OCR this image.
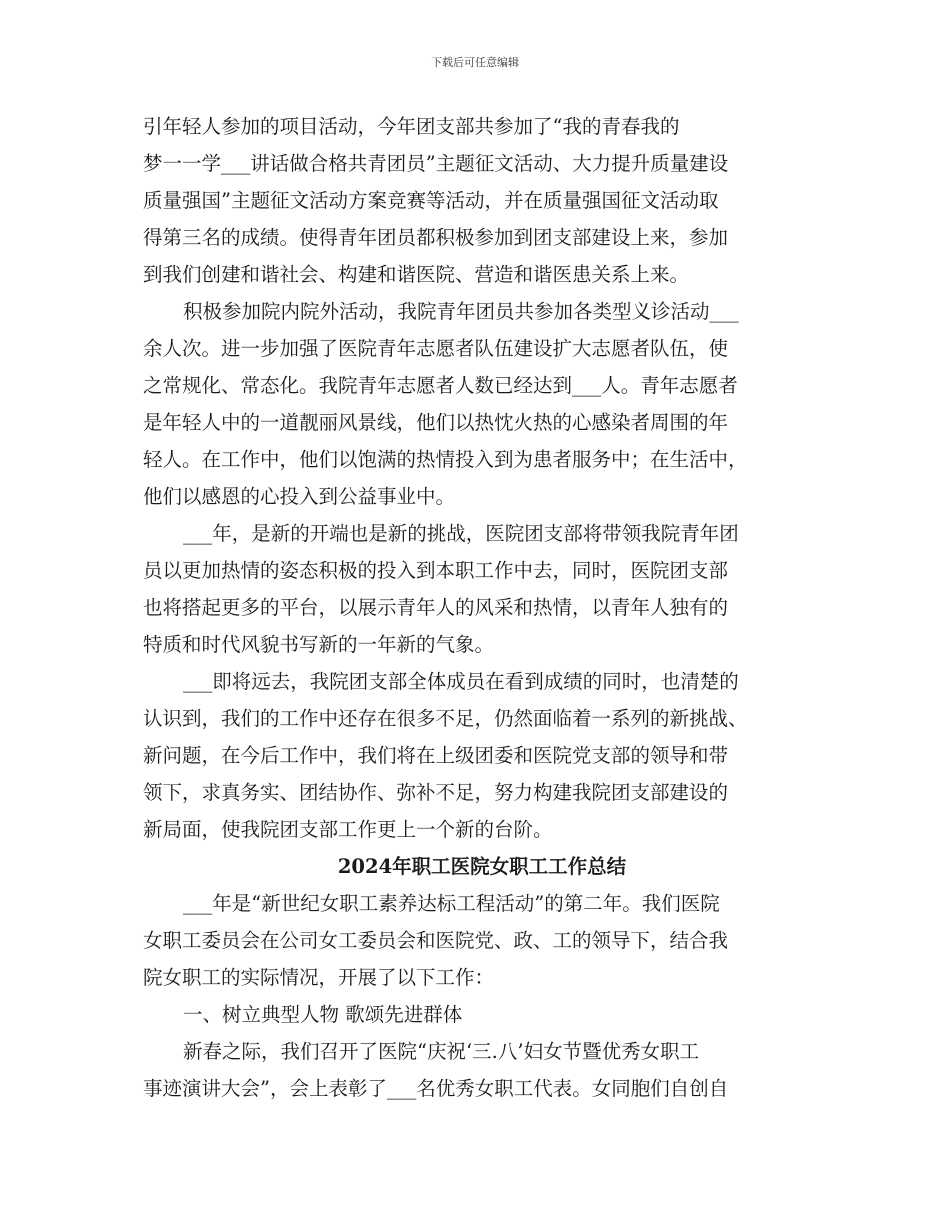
下载后可任意编辑
引年轻人参加的项目活动，今年团支部共参加了“我的青春我的
梦一一学___讲话做合格共青团员”主题征文活动、大力提升质量建设
质量强国”主题征文活动方案竞赛等活动，并在质量强国征文活动取
得第三名的成绩。使得青年团员都积极参加到团支部建设上来，参加
到我们创建和谐社会、构建和谐医院、营造和谐医患关系上来。
积极参加院内院外活动，我院青年团员共参加各类型义诊活动___
余人次。进一步加强了医院青年志愿者队伍建设扩大志愿者队伍，使
之常规化、常态化。我院青年志愿者人数已经达到___人。青年志愿者
是年轻人中的一道靓丽风景线，他们以热忱火热的心感染者周围的年
轻人。在工作中，他们以饱满的热情投入到为患者服务中；在生活中，
他们以感恩的心投入到公益事业中。
___年，是新的开端也是新的挑战，医院团支部将带领我院青年团
员以更加热情的姿态积极的投入到本职工作中去，同时，医院团支部
也将搭起更多的平台，以展示青年人的风采和热情，以青年人独有的
特质和时代风貌书写新的一年新的气象。
___即将远去，我院团支部全体成员在看到成绩的同时，也清楚的
认识到，我们的工作中还存在很多不足，仍然面临着一系列的新挑战、
新问题，在今后工作中，我们将在上级团委和医院党支部的领导和带
领下，求真务实、团结协作、弥补不足，努力构建我院团支部建设的
新局面，使我院团支部工作更上一个新的台阶。
2024年职工医院女职工工作总结
___年是“新世纪女职工素养达标工程活动”的第二年。我们医院
女职工委员会在公司女工委员会和医院党、政、工的领导下，结合我
院女职工的实际情况，开展了以下工作：
一、树立典型人物 歌颂先进群体
新春之际，我们召开了医院“庆祝‘三.八’妇女节暨优秀女职工
事迹演讲大会”，会上表彰了___名优秀女职工代表。女同胞们自创自
